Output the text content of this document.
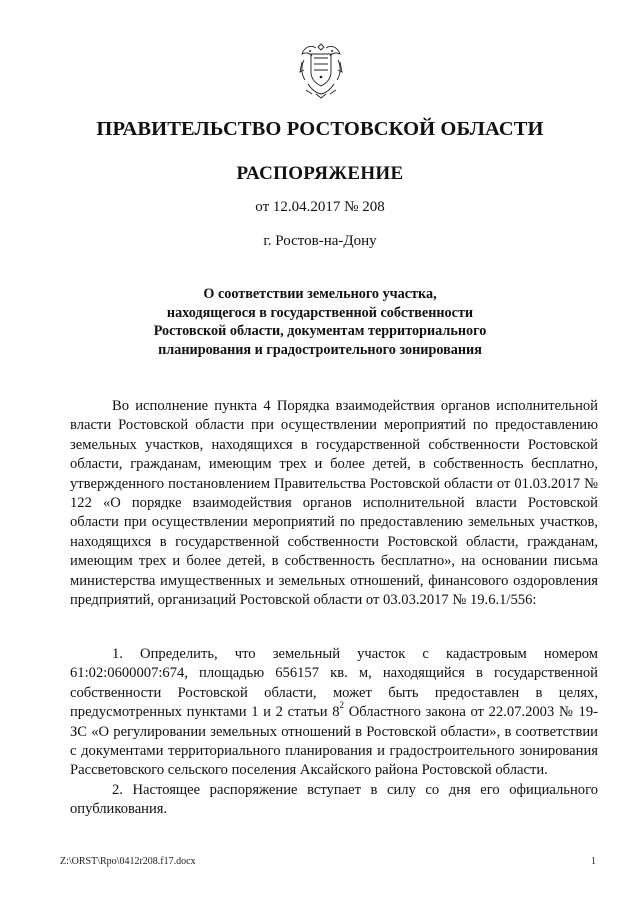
ПРАВИТЕЛЬСТВО РОСТОВСКОЙ ОБЛАСТИ
РАСПОРЯЖЕНИЕ
от 12.04.2017 № 208
г. Ростов-на-Дону
О соответствии земельного участка,
находящегося в государственной собственности
Ростовской области, документам территориального
планирования и градостроительного зонирования

Во исполнение пункта 4 Порядка взаимодействия органов исполнительной власти Ростовской области при осуществлении мероприятий по предоставлению земельных участков, находящихся в государственной собственности Ростовской области, гражданам, имеющим трех и более детей, в собственность бесплатно, утвержденного постановлением Правительства Ростовской области от 01.03.2017 № 122 «О порядке взаимодействия органов исполнительной власти Ростовской области при осуществлении мероприятий по предоставлению земельных участков, находящихся в государственной собственности Ростовской области, гражданам, имеющим трех и более детей, в собственность бесплатно», на основании письма министерства имущественных и земельных отношений, финансового оздоровления предприятий, организаций Ростовской области от 03.03.2017 № 19.6.1/556:

1. Определить, что земельный участок с кадастровым номером 61:02:0600007:674, площадью 656157 кв. м, находящийся в государственной собственности Ростовской области, может быть предоставлен в целях, предусмотренных пунктами 1 и 2 статьи $8^2$ Областного закона от 22.07.2003 № 19-ЗС «О регулировании земельных отношений в Ростовской области», в соответствии с документами территориального планирования и градостроительного зонирования Рассветовского сельского поселения Аксайского района Ростовской области.

2. Настоящее распоряжение вступает в силу со дня его официального опубликования.

Z:\ORST\Rpo\0412r208.f17.docx	1
